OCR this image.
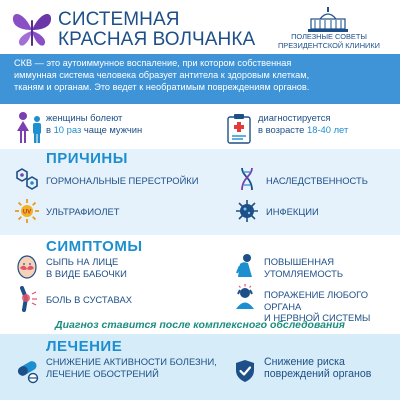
СИСТЕМНАЯ
КРАСНАЯ ВОЛЧАНКА	ПОЛЕЗНЫЕ СОВЕТЫ
ПРЕЗИДЕНТСКОЙ КЛИНИКИ
СКВ — это аутоиммунное воспаление, при котором собственная
иммунная система человека образует антитела к здоровым клеткам,
тканям и органам. Это ведет к необратимым повреждениям органов.
женщины болеют
в 10 раз чаще мужчин
диагностируется
в возрасте 18-40 лет
ПРИЧИНЫ
ГОРМОНАЛЬНЫЕ ПЕРЕСТРОЙКИ	НАСЛЕДСТВЕННОСТЬ
UV УЛЬТРАФИОЛЕТ	ИНФЕКЦИИ
СИМПТОМЫ
СЫПЬ НА ЛИЦЕ
В ВИДЕ БАБОЧКИ
ПОВЫШЕННАЯ
УТОМЛЯЕМОСТЬ
БОЛЬ В СУСТАВАХ	ПОРАЖЕНИЕ ЛЮБОГО ОРГАНА
И НЕРВНОЙ СИСТЕМЫ
Диагноз ставится после комплексного обследования
ЛЕЧЕНИЕ
СНИЖЕНИЕ АКТИВНОСТИ БОЛЕЗНИ,
ЛЕЧЕНИЕ ОБОСТРЕНИЙ
Снижение риска
повреждений органов
